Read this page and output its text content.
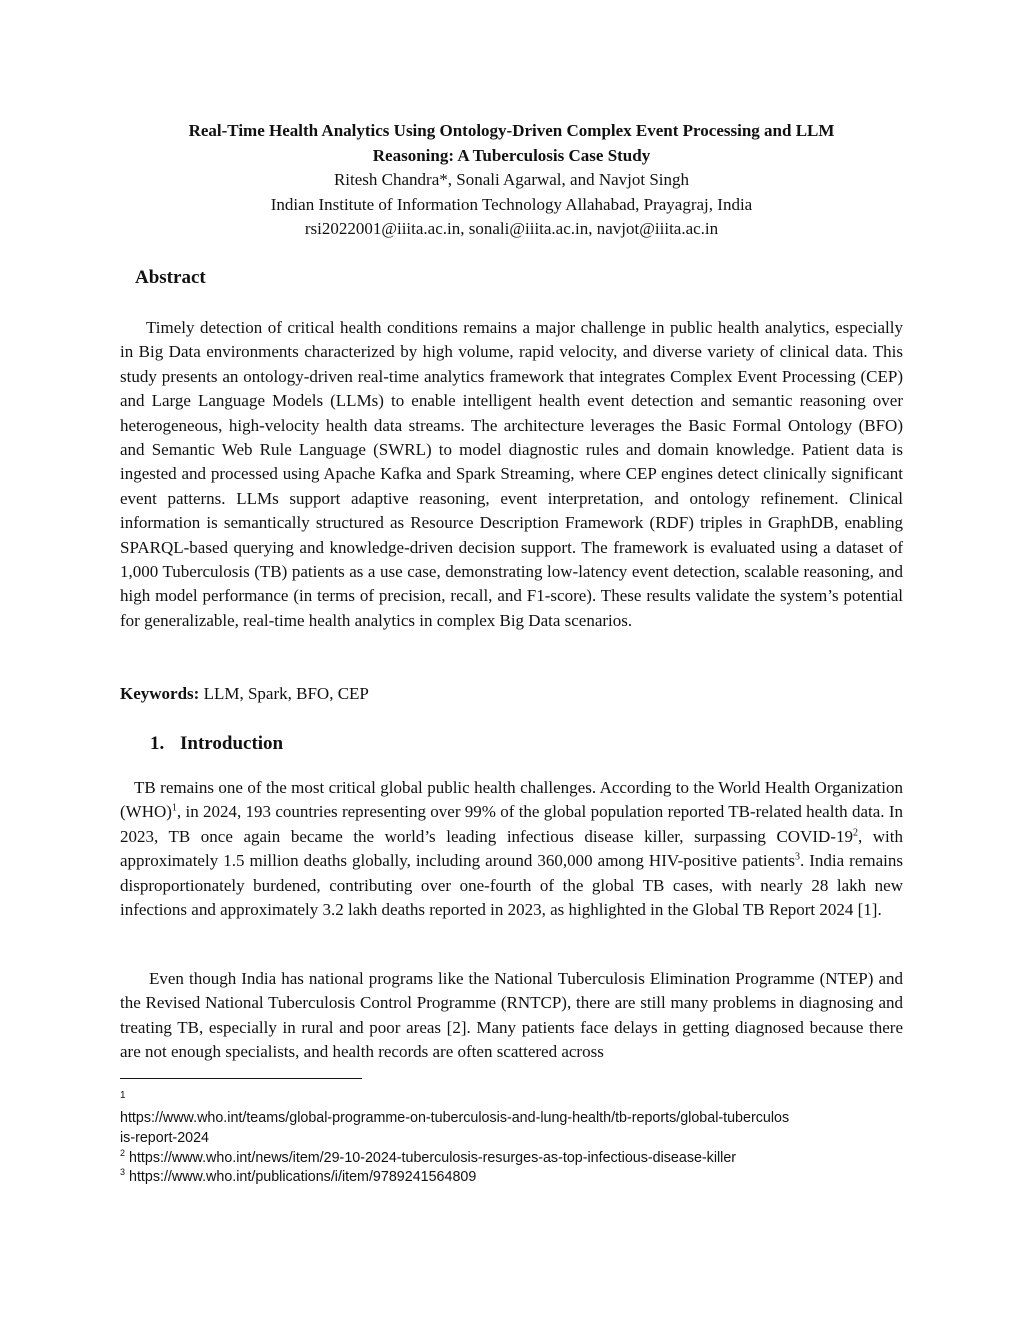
Real-Time Health Analytics Using Ontology-Driven Complex Event Processing and LLM
Reasoning: A Tuberculosis Case Study
Ritesh Chandra*, Sonali Agarwal, and Navjot Singh
Indian Institute of Information Technology Allahabad, Prayagraj, India
rsi2022001@iiita.ac.in, sonali@iiita.ac.in, navjot@iiita.ac.in
Abstract

Timely detection of critical health conditions remains a major challenge in public health analytics, especially in Big Data environments characterized by high volume, rapid velocity, and diverse variety of clinical data. This study presents an ontology-driven real-time analytics framework that integrates Complex Event Processing (CEP) and Large Language Models (LLMs) to enable intelligent health event detection and semantic reasoning over heterogeneous, high-velocity health data streams. The architecture leverages the Basic Formal Ontology (BFO) and Semantic Web Rule Language (SWRL) to model diagnostic rules and domain knowledge. Patient data is ingested and processed using Apache Kafka and Spark Streaming, where CEP engines detect clinically significant event patterns. LLMs support adaptive reasoning, event interpretation, and ontology refinement. Clinical information is semantically structured as Resource Description Framework (RDF) triples in GraphDB, enabling SPARQL-based querying and knowledge-driven decision support. The framework is evaluated using a dataset of 1,000 Tuberculosis (TB) patients as a use case, demonstrating low-latency event detection, scalable reasoning, and high model performance (in terms of precision, recall, and F1-score). These results validate the system’s potential for generalizable, real-time health analytics in complex Big Data scenarios.

Keywords: LLM, Spark, BFO, CEP
1. Introduction

TB remains one of the most critical global public health challenges. According to the World Health Organization (WHO)$^1$, in 2024, 193 countries representing over 99% of the global population reported TB-related health data. In 2023, TB once again became the world’s leading infectious disease killer, surpassing COVID-$19^2$, with approximately 1.5 million deaths globally, including around 360,000 among HIV-positive patients$^3$. India remains disproportionately burdened, contributing over one-fourth of the global TB cases, with nearly 28 lakh new infections and approximately 3.2 lakh deaths reported in 2023, as highlighted in the Global TB Report 2024 [1].

Even though India has national programs like the National Tuberculosis Elimination Programme (NTEP) and the Revised National Tuberculosis Control Programme (RNTCP), there are still many problems in diagnosing and treating TB, especially in rural and poor areas [2]. Many patients face delays in getting diagnosed because there are not enough specialists, and health records are often scattered across

1
https://www.who.int/teams/global-programme-on-tuberculosis-and-lung-health/tb-reports/global-tuberculos
is-report-2024
$^2$ https://www.who.int/news/item/29-10-2024-tuberculosis-resurges-as-top-infectious-disease-killer
$^3$ https://www.who.int/publications/i/item/9789241564809
